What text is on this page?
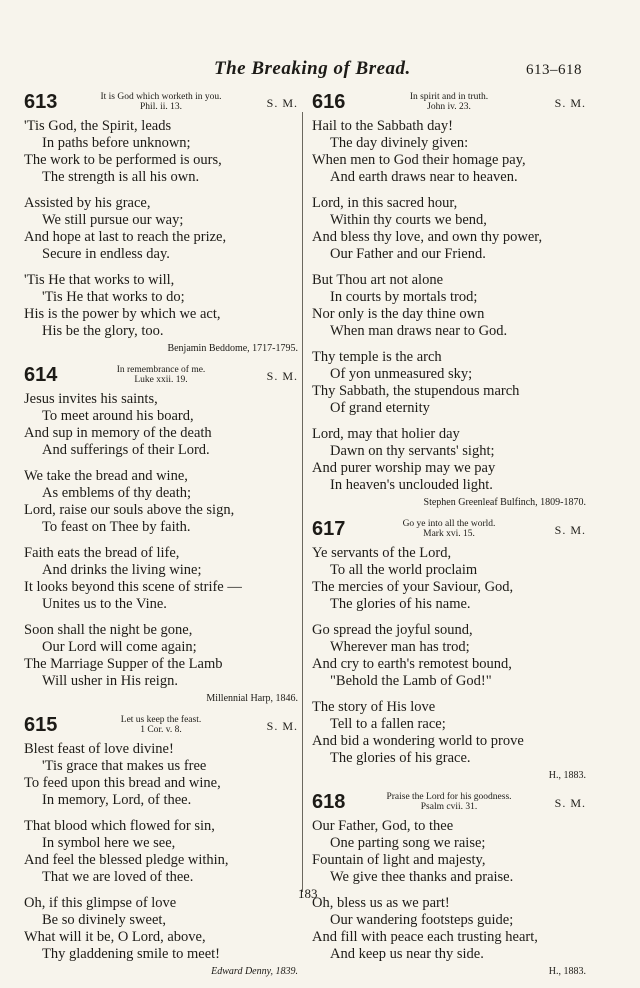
The Breaking of Bread.	613–618
613	It is God which worketh in you.
Phil. ii. 13.	S. M.
'Tis God, the Spirit, leads
In paths before unknown;
The work to be performed is ours,
The strength is all his own.
Assisted by his grace,
We still pursue our way;
And hope at last to reach the prize,
Secure in endless day.
'Tis He that works to will,
'Tis He that works to do;
His is the power by which we act,
His be the glory, too.
Benjamin Beddome, 1717-1795.
614	In remembrance of me.
Luke xxii. 19.	S. M.
Jesus invites his saints,
To meet around his board,
And sup in memory of the death
And sufferings of their Lord.
We take the bread and wine,
As emblems of thy death;
Lord, raise our souls above the sign,
To feast on Thee by faith.
Faith eats the bread of life,
And drinks the living wine;
It looks beyond this scene of strife —
Unites us to the Vine.
Soon shall the night be gone,
Our Lord will come again;
The Marriage Supper of the Lamb
Will usher in His reign.
Millennial Harp, 1846.
615	Let us keep the feast.
1 Cor. v. 8.	S. M.
Blest feast of love divine!
'Tis grace that makes us free
To feed upon this bread and wine,
In memory, Lord, of thee.
That blood which flowed for sin,
In symbol here we see,
And feel the blessed pledge within,
That we are loved of thee.
Oh, if this glimpse of love
Be so divinely sweet,
What will it be, O Lord, above,
Thy gladdening smile to meet!
Edward Denny, 1839.
616	In spirit and in truth.
John iv. 23.	S. M.
Hail to the Sabbath day!
The day divinely given:
When men to God their homage pay,
And earth draws near to heaven.
Lord, in this sacred hour,
Within thy courts we bend,
And bless thy love, and own thy power,
Our Father and our Friend.
But Thou art not alone
In courts by mortals trod;
Nor only is the day thine own
When man draws near to God.
Thy temple is the arch
Of yon unmeasured sky;
Thy Sabbath, the stupendous march
Of grand eternity
Lord, may that holier day
Dawn on thy servants' sight;
And purer worship may we pay
In heaven's unclouded light.
Stephen Greenleaf Bulfinch, 1809-1870.
617	Go ye into all the world.
Mark xvi. 15.	S. M.
Ye servants of the Lord,
To all the world proclaim
The mercies of your Saviour, God,
The glories of his name.
Go spread the joyful sound,
Wherever man has trod;
And cry to earth's remotest bound,
"Behold the Lamb of God!"
The story of His love
Tell to a fallen race;
And bid a wondering world to prove
The glories of his grace.
H., 1883.
618	Praise the Lord for his goodness.
Psalm cvii. 31.	S. M.
Our Father, God, to thee
One parting song we raise;
Fountain of light and majesty,
We give thee thanks and praise.
Oh, bless us as we part!
Our wandering footsteps guide;
And fill with peace each trusting heart,
And keep us near thy side.
H., 1883.
183
